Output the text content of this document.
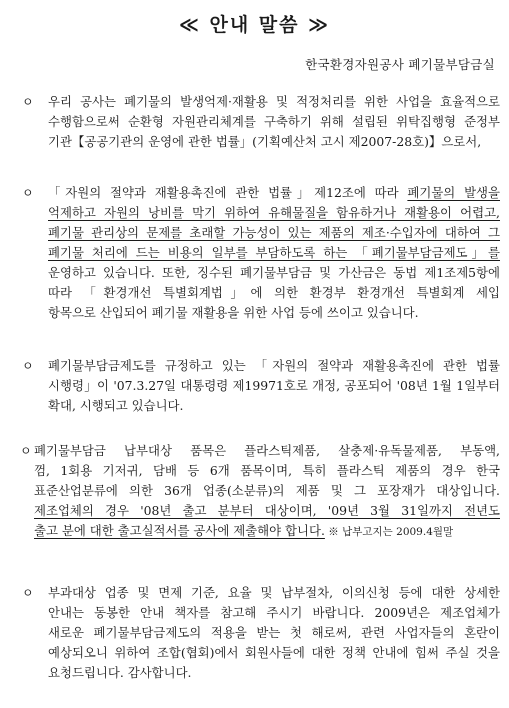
≪ 안내 말씀 ≫
한국환경자원공사 폐기물부담금실
ㅇ 우리 공사는 폐기물의 발생억제·재활용 및 적정처리를 위한 사업을 효율적으로
수행함으로써 순환형 자원관리체계를 구축하기 위해 설립된 위탁집행형 준정부
기관【공공기관의 운영에 관한 법률」(기획예산처 고시 제2007-28호)】으로서,
ㅇ 「자원의 절약과 재활용촉진에 관한 법률」제12조에 따라 폐기물의 발생을
억제하고 자원의 낭비를 막기 위하여 유해물질을 함유하거나 재활용이 어렵고,
폐기물 관리상의 문제를 초래할 가능성이 있는 제품의 제조·수입자에 대하여 그
폐기물 처리에 드는 비용의 일부를 부담하도록 하는 「폐기물부담금제도」를
운영하고 있습니다. 또한, 징수된 폐기물부담금 및 가산금은 동법 제1조제5항에
따라 「환경개선 특별회계법」에 의한 환경부 환경개선 특별회계 세입
항목으로 산입되어 폐기물 재활용을 위한 사업 등에 쓰이고 있습니다.
ㅇ 폐기물부담금제도를 규정하고 있는 「자원의 절약과 재활용촉진에 관한 법률
시행령」이 '07.3.27일 대통령령 제19971호로 개정, 공포되어 '08년 1월 1일부터
확대, 시행되고 있습니다.
ㅇ 폐기물부담금 납부대상 품목은 플라스틱제품, 살충제·유독물제품, 부동액,
껌, 1회용 기저귀, 담배 등 6개 품목이며, 특히 플라스틱 제품의 경우 한국
표준산업분류에 의한 36개 업종(소분류)의 제품 및 그 포장재가 대상입니다.
제조업체의 경우 '08년 출고 분부터 대상이며, '09년 3월 31일까지 전년도
출고 분에 대한 출고실적서를 공사에 제출해야 합니다. ※ 납부고지는 2009.4월말
ㅇ 부과대상 업종 및 면제 기준, 요율 및 납부절차, 이의신청 등에 대한 상세한
안내는 동봉한 안내 책자를 참고해 주시기 바랍니다. 2009년은 제조업체가
새로운 폐기물부담금제도의 적용을 받는 첫 해로써, 관련 사업자들의 혼란이
예상되오니 위하여 조합(협회)에서 회원사들에 대한 정책 안내에 힘써 주실 것을
요청드립니다. 감사합니다.
